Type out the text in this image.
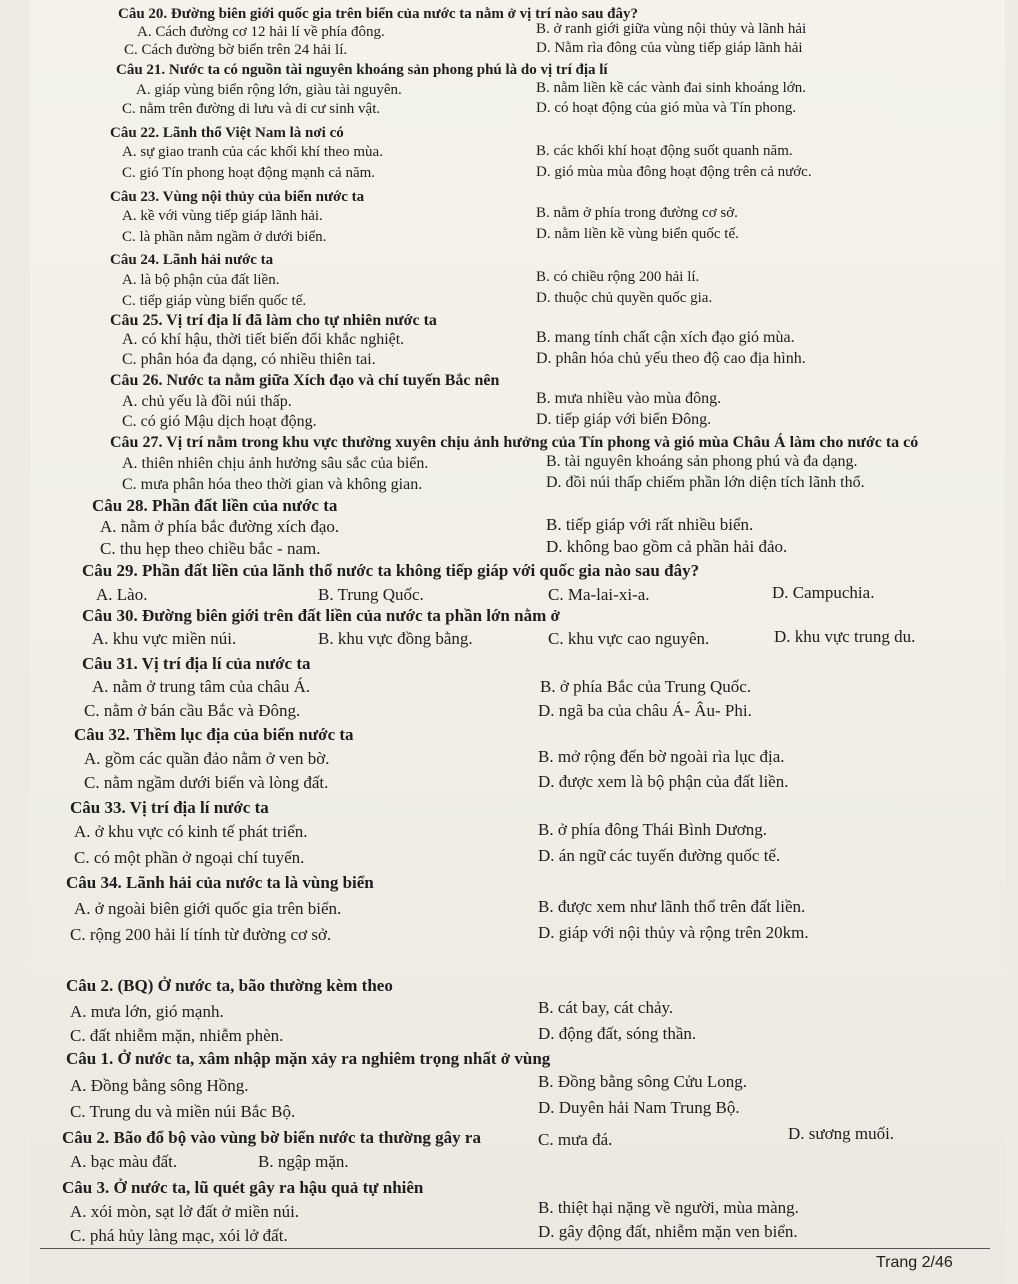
Câu 20. Đường biên giới quốc gia trên biển của nước ta nằm ở vị trí nào sau đây?
A. Cách đường cơ 12 hải lí về phía đông.	B. ở ranh giới giữa vùng nội thủy và lãnh hải
C. Cách đường bờ biển trên 24 hải lí.	D. Nằm rìa đông của vùng tiếp giáp lãnh hải
Câu 21. Nước ta có nguồn tài nguyên khoáng sản phong phú là do vị trí địa lí
A. giáp vùng biển rộng lớn, giàu tài nguyên.	B. nằm liền kề các vành đai sinh khoáng lớn.
C. nằm trên đường di lưu và di cư sinh vật.	D. có hoạt động của gió mùa và Tín phong.
Câu 22. Lãnh thổ Việt Nam là nơi có
A. sự giao tranh của các khối khí theo mùa.	B. các khối khí hoạt động suốt quanh năm.
C. gió Tín phong hoạt động mạnh cả năm.	D. gió mùa mùa đông hoạt động trên cả nước.
Câu 23. Vùng nội thủy của biển nước ta
A. kề với vùng tiếp giáp lãnh hải.	B. nằm ở phía trong đường cơ sở.
C. là phần nằm ngầm ở dưới biển.	D. nằm liền kề vùng biển quốc tế.
Câu 24. Lãnh hải nước ta
A. là bộ phận của đất liền.	B. có chiều rộng 200 hải lí.
C. tiếp giáp vùng biển quốc tế.	D. thuộc chủ quyền quốc gia.
Câu 25. Vị trí địa lí đã làm cho tự nhiên nước ta
A. có khí hậu, thời tiết biến đổi khắc nghiệt.	B. mang tính chất cận xích đạo gió mùa.
C. phân hóa đa dạng, có nhiều thiên tai.	D. phân hóa chủ yếu theo độ cao địa hình.
Câu 26. Nước ta nằm giữa Xích đạo và chí tuyến Bắc nên
A. chủ yếu là đồi núi thấp.	B. mưa nhiều vào mùa đông.
C. có gió Mậu dịch hoạt động.	D. tiếp giáp với biển Đông.
Câu 27. Vị trí nằm trong khu vực thường xuyên chịu ảnh hưởng của Tín phong và gió mùa Châu Á làm cho nước ta có
A. thiên nhiên chịu ảnh hưởng sâu sắc của biển.	B. tài nguyên khoáng sản phong phú và đa dạng.
C. mưa phân hóa theo thời gian và không gian.	D. đồi núi thấp chiếm phần lớn diện tích lãnh thổ.
Câu 28. Phần đất liền của nước ta
A. nằm ở phía bắc đường xích đạo.	B. tiếp giáp với rất nhiều biển.
C. thu hẹp theo chiều bắc - nam.	D. không bao gồm cả phần hải đảo.
Câu 29. Phần đất liền của lãnh thổ nước ta không tiếp giáp với quốc gia nào sau đây?
A. Lào.	B. Trung Quốc.	C. Ma-lai-xi-a.	D. Campuchia.
Câu 30. Đường biên giới trên đất liền của nước ta phần lớn nằm ở
A. khu vực miền núi.	B. khu vực đồng bằng.	C. khu vực cao nguyên.	D. khu vực trung du.
Câu 31. Vị trí địa lí của nước ta
A. nằm ở trung tâm của châu Á.	B. ở phía Bắc của Trung Quốc.
C. nằm ở bán cầu Bắc và Đông.	D. ngã ba của châu Á- Âu- Phi.
Câu 32. Thềm lục địa của biển nước ta
A. gồm các quần đảo nằm ở ven bờ.	B. mở rộng đến bờ ngoài rìa lục địa.
C. nằm ngầm dưới biển và lòng đất.	D. được xem là bộ phận của đất liền.
Câu 33. Vị trí địa lí nước ta
A. ở khu vực có kinh tế phát triển.	B. ở phía đông Thái Bình Dương.
C. có một phần ở ngoại chí tuyến.	D. án ngữ các tuyến đường quốc tế.
Câu 34. Lãnh hải của nước ta là vùng biển
A. ở ngoài biên giới quốc gia trên biển.	B. được xem như lãnh thổ trên đất liền.
C. rộng 200 hải lí tính từ đường cơ sở.	D. giáp với nội thủy và rộng trên 20km.
Câu 2. (BQ) Ở nước ta, bão thường kèm theo
A. mưa lớn, gió mạnh.	B. cát bay, cát chảy.
C. đất nhiễm mặn, nhiễm phèn.	D. động đất, sóng thần.
Câu 1. Ở nước ta, xâm nhập mặn xảy ra nghiêm trọng nhất ở vùng
A. Đồng bằng sông Hồng.	B. Đồng bằng sông Cửu Long.
C. Trung du và miền núi Bắc Bộ.	D. Duyên hải Nam Trung Bộ.
Câu 2. Bão đổ bộ vào vùng bờ biển nước ta thường gây ra
A. bạc màu đất.	B. ngập mặn.
C. mưa đá.	D. sương muối.
Câu 3. Ở nước ta, lũ quét gây ra hậu quả tự nhiên
A. xói mòn, sạt lở đất ở miền núi.	B. thiệt hại nặng về người, mùa màng.
C. phá hủy làng mạc, xói lở đất.	D. gây động đất, nhiễm mặn ven biển.
Trang 2/46
